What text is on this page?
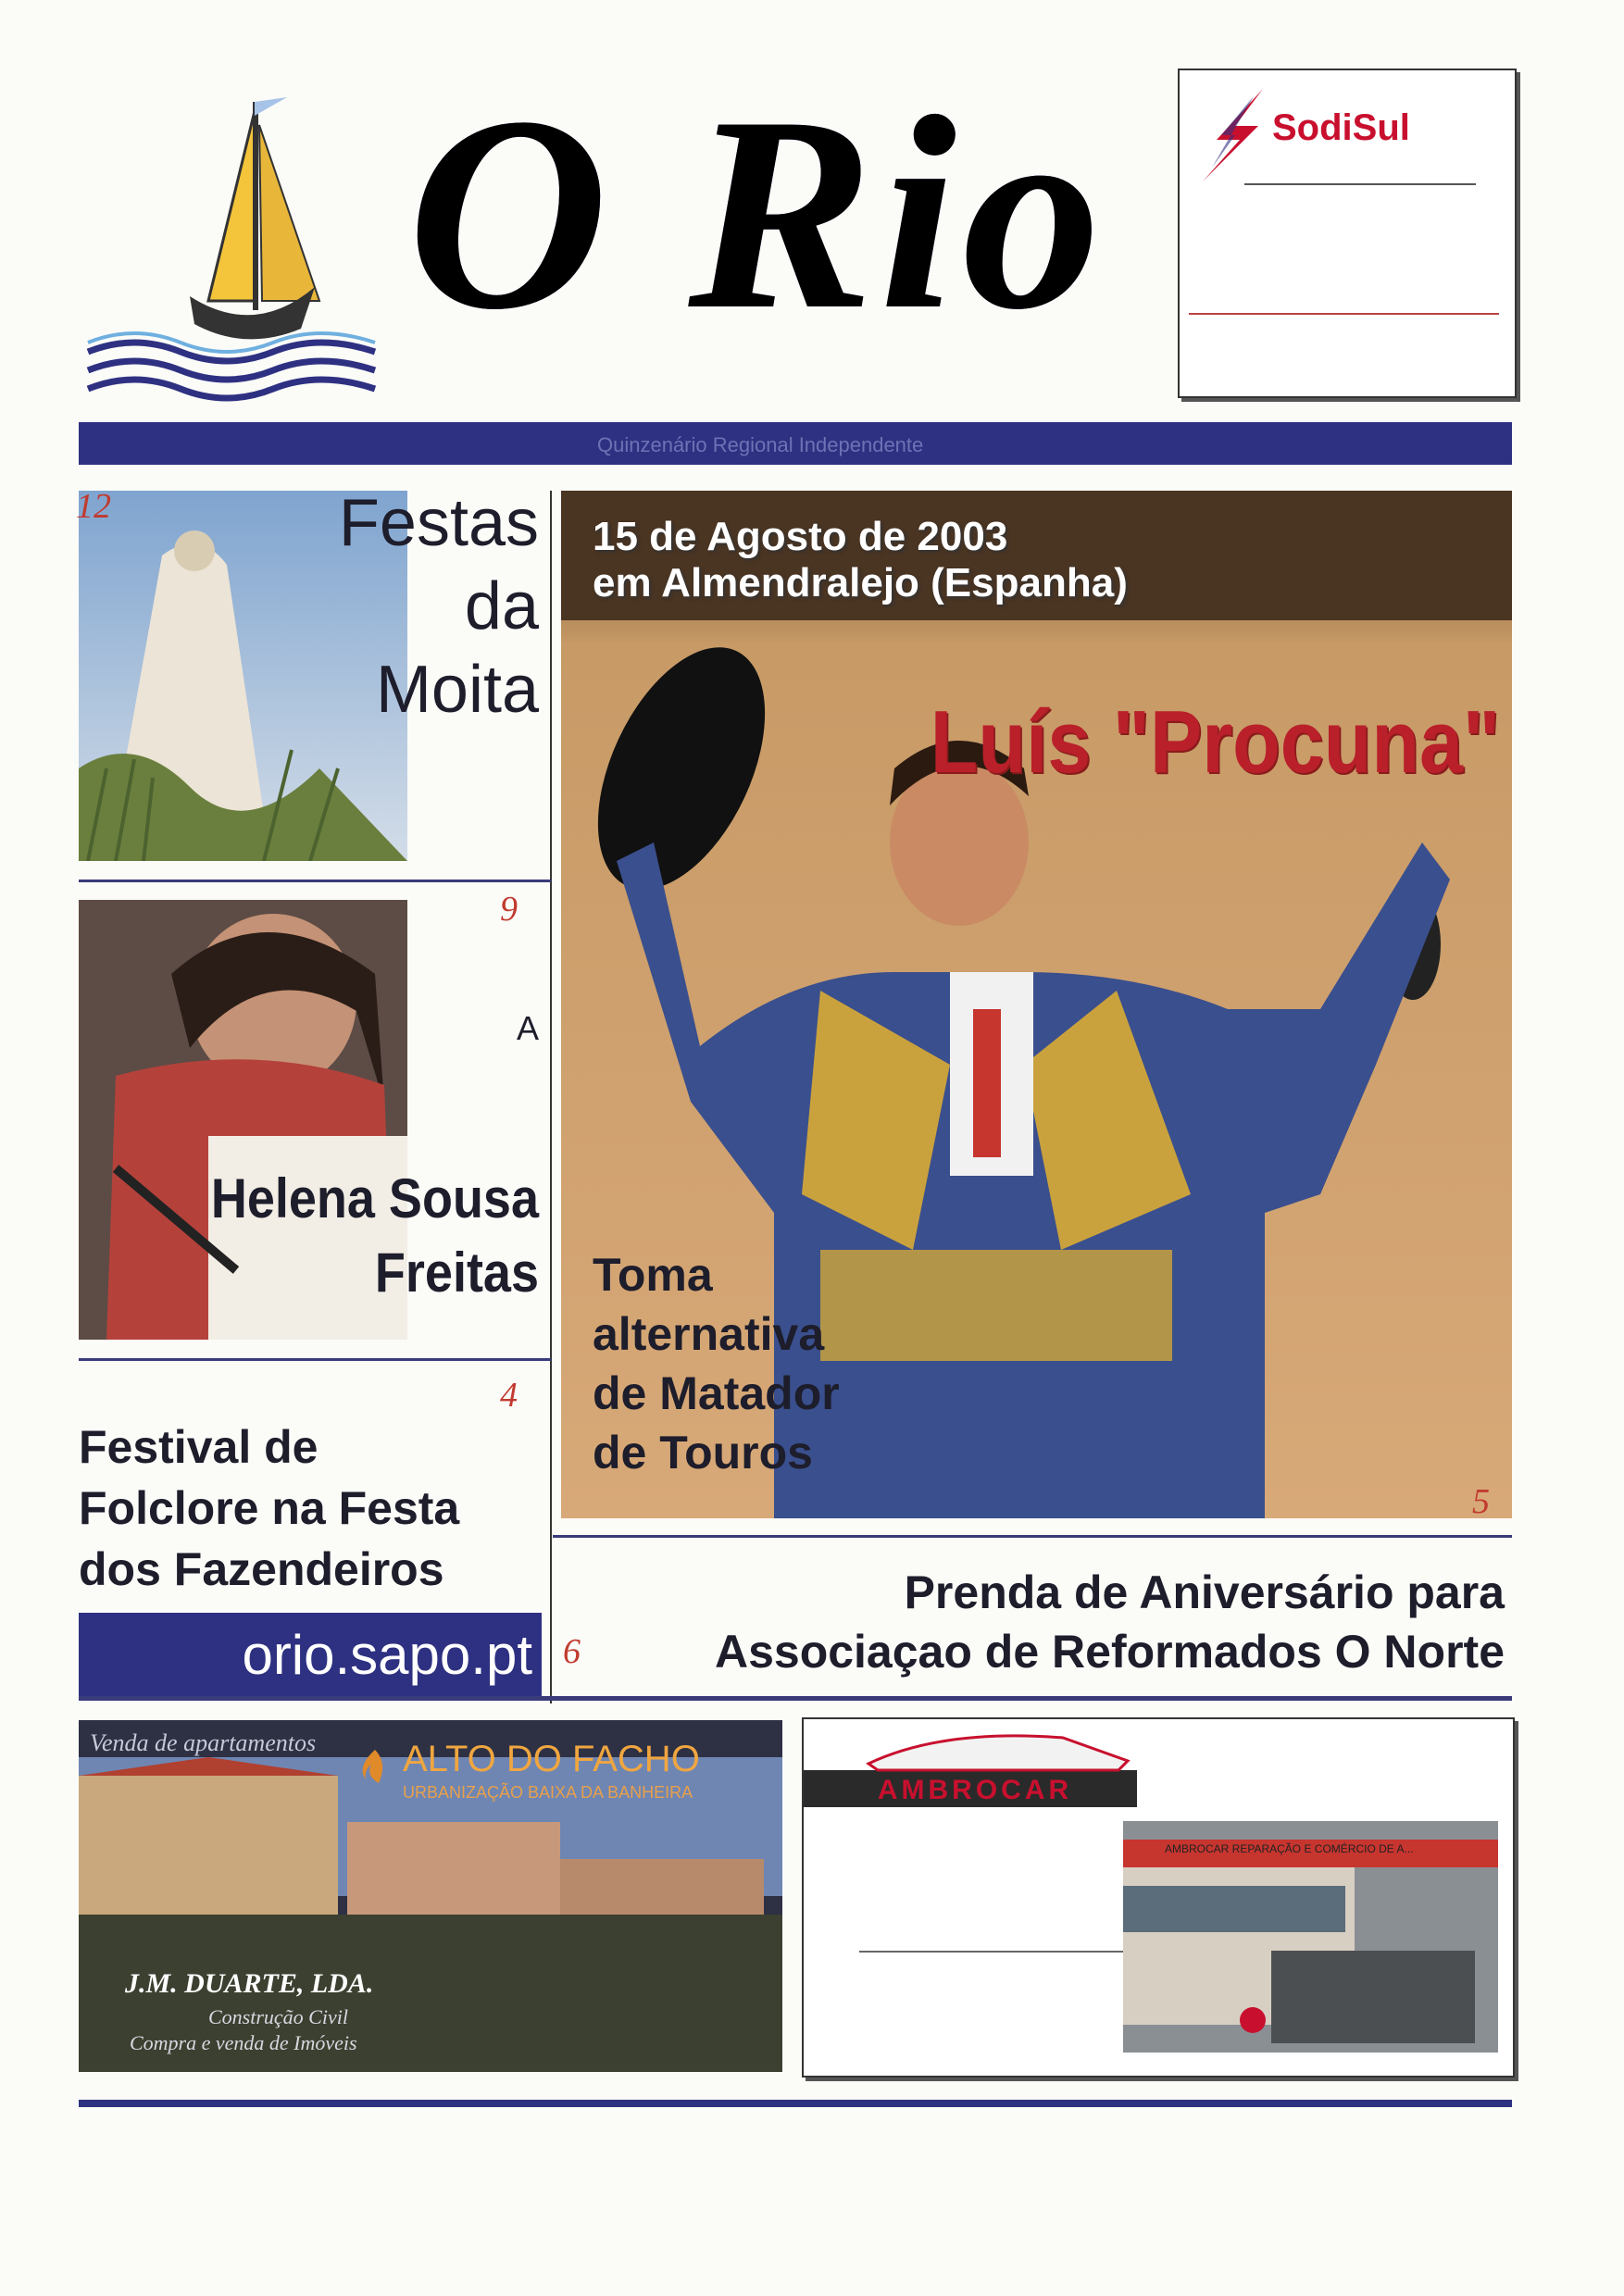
O Rio	SodiSul
Quinzenário Regional Independente
Festas
da
Moita
12
9
A
Helena Sousa
Freitas
4
Festival de
Folclore na Festa
dos Fazendeiros
orio.sapo.pt
15 de Agosto de 2003
em Almendralejo (Espanha)
Luís "Procuna"
Toma
alternativa
de Matador
de Touros
5
6
Prenda de Aniversário para
Associaçao de Reformados O Norte
Venda de apartamentos ALTO DO FACHO
URBANIZAÇÃO BAIXA DA BANHEIRA
J.M. DUARTE, LDA.
Construção Civil
Compra e venda de Imóveis
AMBROCAR
AMBROCAR REPARAÇÃO E COMÉRCIO DE A...
